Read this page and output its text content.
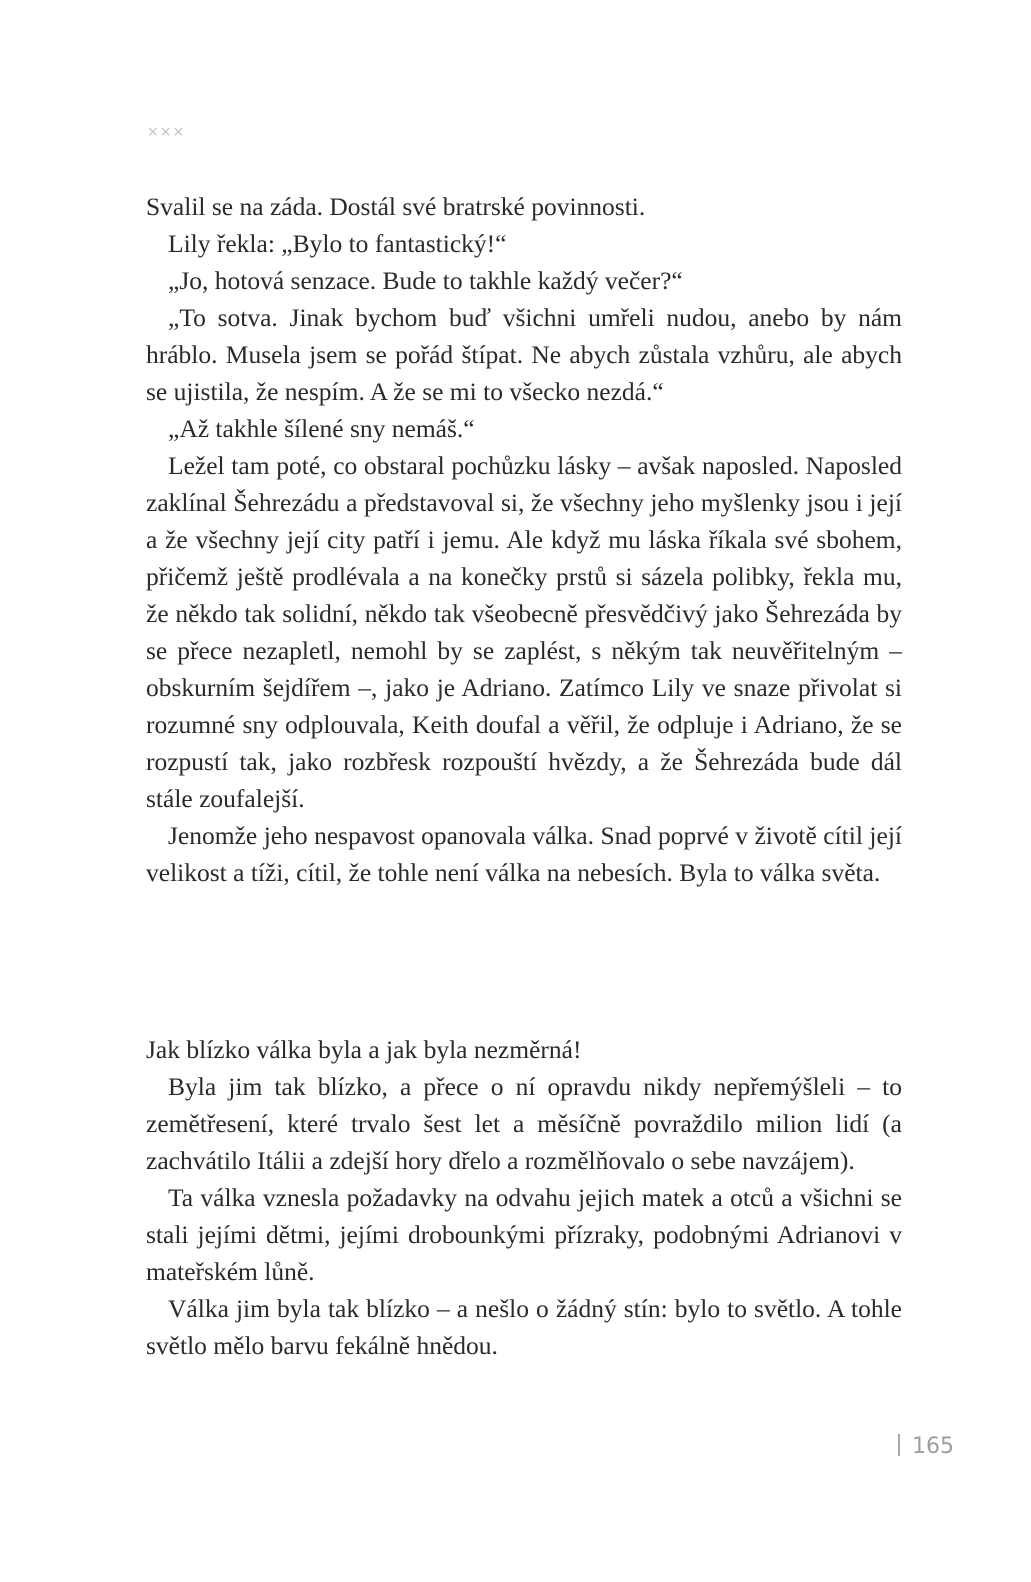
×××

Svalil se na záda. Dostál své bratrské povinnosti.

Lily řekla: „Bylo to fantastický!“

„Jo, hotová senzace. Bude to takhle každý večer?“

„To sotva. Jinak bychom buď všichni umřeli nudou, anebo by nám hráblo. Musela jsem se pořád štípat. Ne abych zůstala vzhůru, ale abych se ujistila, že nespím. A že se mi to všecko nezdá.“

„Až takhle šílené sny nemáš.“

Ležel tam poté, co obstaral pochůzku lásky – avšak naposled. Naposled zaklínal Šehrezádu a představoval si, že všechny jeho myšlenky jsou i její a že všechny její city patří i jemu. Ale když mu láska říkala své sbohem, přičemž ještě prodlévala a na konečky prstů si sázela polibky, řekla mu, že někdo tak solidní, někdo tak všeobecně přesvědčivý jako Šehrezáda by se přece nezapletl, nemohl by se zaplést, s někým tak neuvěřitelným – obskurním šejdířem –, jako je Adriano. Zatímco Lily ve snaze přivolat si rozumné sny odplouvala, Keith doufal a věřil, že odpluje i Adriano, že se rozpustí tak, jako rozbřesk rozpouští hvězdy, a že Šehrezáda bude dál stále zoufalejší.

Jenomže jeho nespavost opanovala válka. Snad poprvé v životě cítil její velikost a tíži, cítil, že tohle není válka na nebesích. Byla to válka světa.

Jak blízko válka byla a jak byla nezměrná!

Byla jim tak blízko, a přece o ní opravdu nikdy nepřemýšleli – to zemětřesení, které trvalo šest let a měsíčně povraždilo milion lidí (a zachvátilo Itálii a zdejší hory dřelo a rozmělňovalo o sebe navzájem).

Ta válka vznesla požadavky na odvahu jejich matek a otců a všichni se stali jejími dětmi, jejími drobounkými přízraky, podobnými Adrianovi v mateřském lůně.

Válka jim byla tak blízko – a nešlo o žádný stín: bylo to světlo. A tohle světlo mělo barvu fekálně hnědou.

165
